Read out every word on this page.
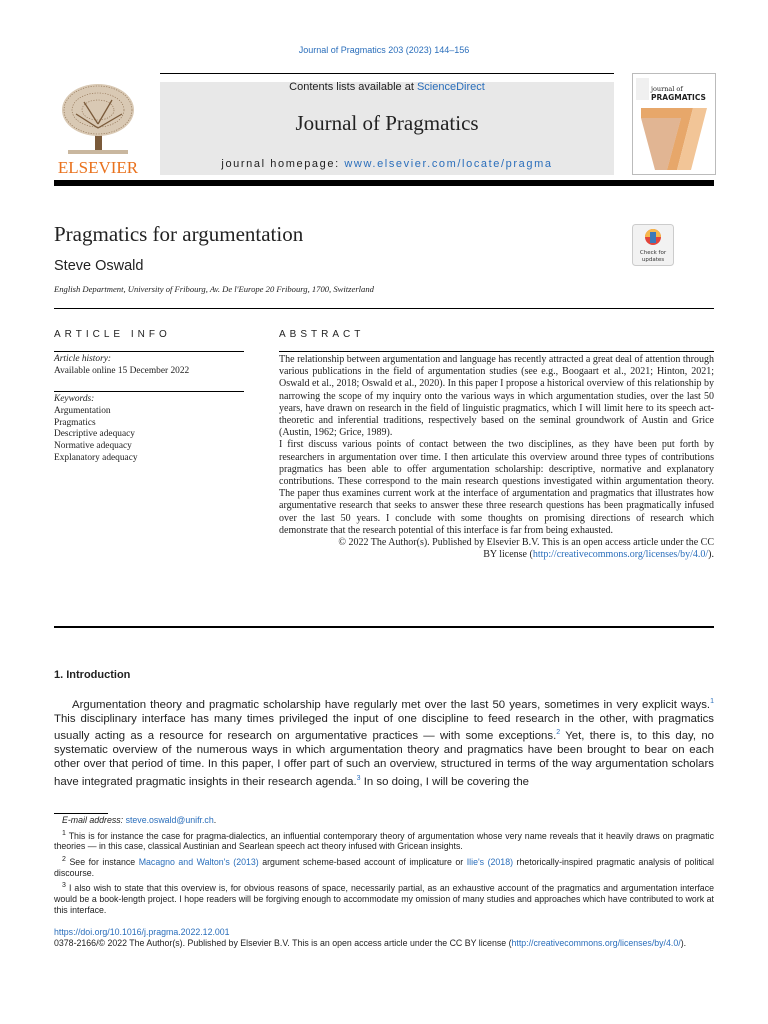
Journal of Pragmatics 203 (2023) 144–156
ELSEVIER
Contents lists available at ScienceDirect
Journal of Pragmatics
journal homepage: www.elsevier.com/locate/pragma
journal of
PRAGMATICS
Pragmatics for argumentation
Check for
updates
Steve Oswald
English Department, University of Fribourg, Av. De l'Europe 20 Fribourg, 1700, Switzerland
ARTICLE INFO
Article history:
Available online 15 December 2022
Keywords:
Argumentation
Pragmatics
Descriptive adequacy
Normative adequacy
Explanatory adequacy
ABSTRACT

The relationship between argumentation and language has recently attracted a great deal of attention through various publications in the field of argumentation studies (see e.g., Boogaart et al., 2021; Hinton, 2021; Oswald et al., 2018; Oswald et al., 2020). In this paper I propose a historical overview of this relationship by narrowing the scope of my inquiry onto the various ways in which argumentation studies, over the last 50 years, have drawn on research in the field of linguistic pragmatics, which I will limit here to its speech act-theoretic and inferential traditions, respectively based on the seminal groundwork of Austin and Grice (Austin, 1962; Grice, 1989).

I first discuss various points of contact between the two disciplines, as they have been put forth by researchers in argumentation over time. I then articulate this overview around three types of contributions pragmatics has been able to offer argumentation scholarship: descriptive, normative and explanatory contributions. These correspond to the main research questions investigated within argumentation theory. The paper thus examines current work at the interface of argumentation and pragmatics that illustrates how argumentative research that seeks to answer these three research questions has been pragmatically infused over the last 50 years. I conclude with some thoughts on promising directions of research which demonstrate that the research potential of this interface is far from being exhausted.

© 2022 The Author(s). Published by Elsevier B.V. This is an open access article under the CC
BY license (http://creativecommons.org/licenses/by/4.0/).

1. Introduction
Argumentation theory and pragmatic scholarship have regularly met over the last 50 years, sometimes in very explicit ways.$^1$ This disciplinary interface has many times privileged the input of one discipline to feed research in the other, with pragmatics usually acting as a resource for research on argumentative practices — with some exceptions.$^2$ Yet, there is, to this day, no systematic overview of the numerous ways in which argumentation theory and pragmatics have been brought to bear on each other over that period of time. In this paper, I offer part of such an overview, structured in terms of the way argumentation scholars have integrated pragmatic insights in their research agenda.$^3$ In so doing, I will be covering the

E-mail address: steve.oswald@unifr.ch.

$^1$ This is for instance the case for pragma-dialectics, an influential contemporary theory of argumentation whose very name reveals that it heavily draws on pragmatic theories — in this case, classical Austinian and Searlean speech act theory infused with Gricean insights.

$^2$ See for instance Macagno and Walton's (2013) argument scheme-based account of implicature or Ilie's (2018) rhetorically-inspired pragmatic analysis of political discourse.

$^3$ I also wish to state that this overview is, for obvious reasons of space, necessarily partial, as an exhaustive account of the pragmatics and argumentation interface would be a book-length project. I hope readers will be forgiving enough to accommodate my omission of many studies and approaches which have contributed to work at this interface.

https://doi.org/10.1016/j.pragma.2022.12.001
0378-2166/© 2022 The Author(s). Published by Elsevier B.V. This is an open access article under the CC BY license (http://creativecommons.org/licenses/by/4.0/).
